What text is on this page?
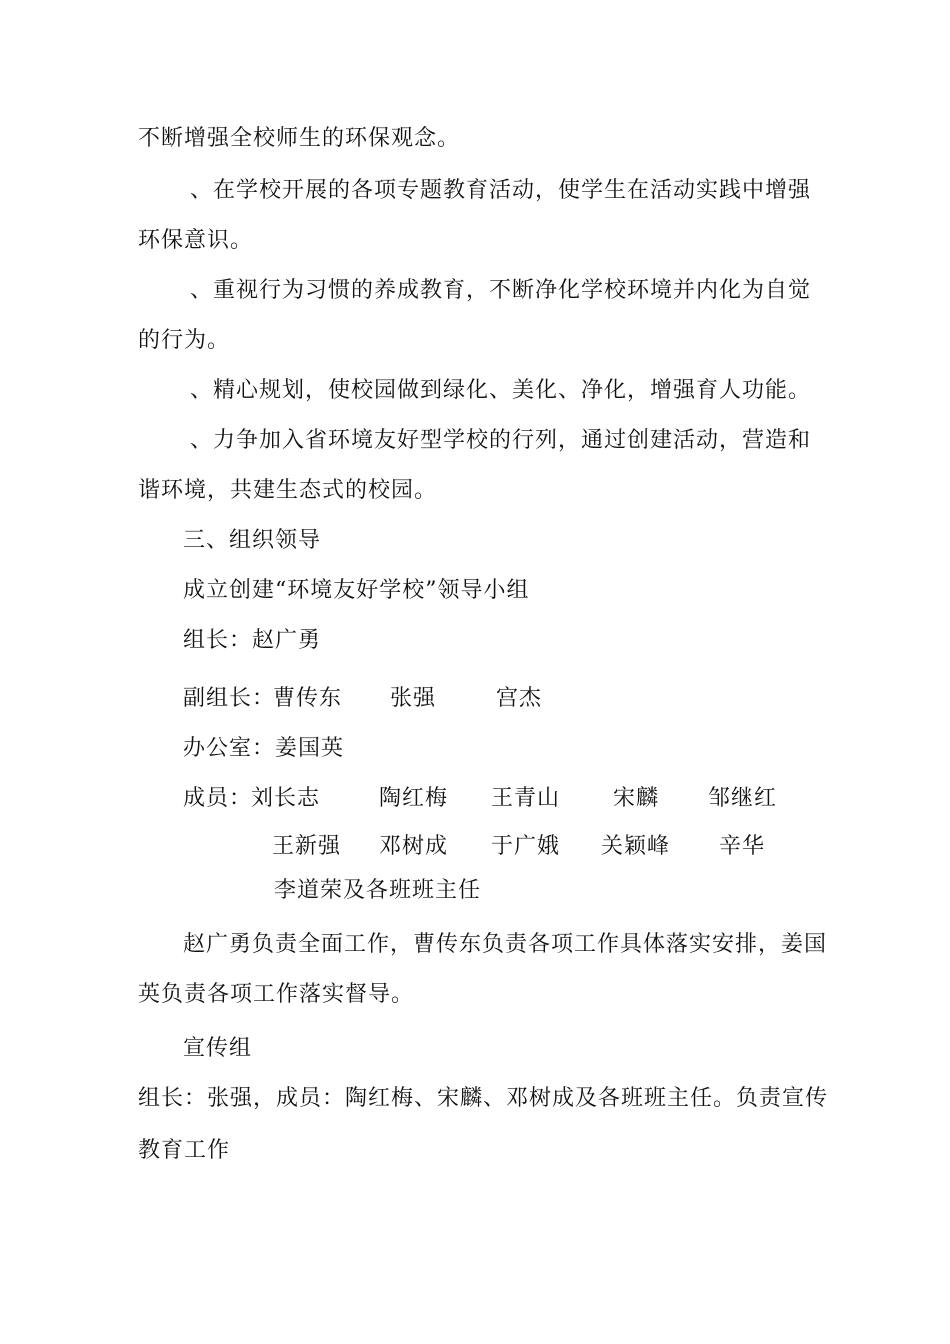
不断增强全校师生的环保观念。
、在学校开展的各项专题教育活动，使学生在活动实践中增强
环保意识。
、重视行为习惯的养成教育，不断净化学校环境并内化为自觉
的行为。
、精心规划，使校园做到绿化、美化、净化，增强育人功能。
、力争加入省环境友好型学校的行列，通过创建活动，营造和
谐环境，共建生态式的校园。
三、组织领导
成立创建“环境友好学校”领导小组
组长：赵广勇
副组长：
曹传东 张强	宫杰
办公室：姜国英
成员：
刘长志	陶红梅 王青山 宋麟 邹继红
王新强 邓树成 于广娥 关颖峰 辛华
李道荣及各班班主任
赵广勇负责全面工作，曹传东负责各项工作具体落实安排，姜国
英负责各项工作落实督导。
宣传组
组长：张强，成员：陶红梅、宋麟、邓树成及各班班主任。负责宣传
教育工作
